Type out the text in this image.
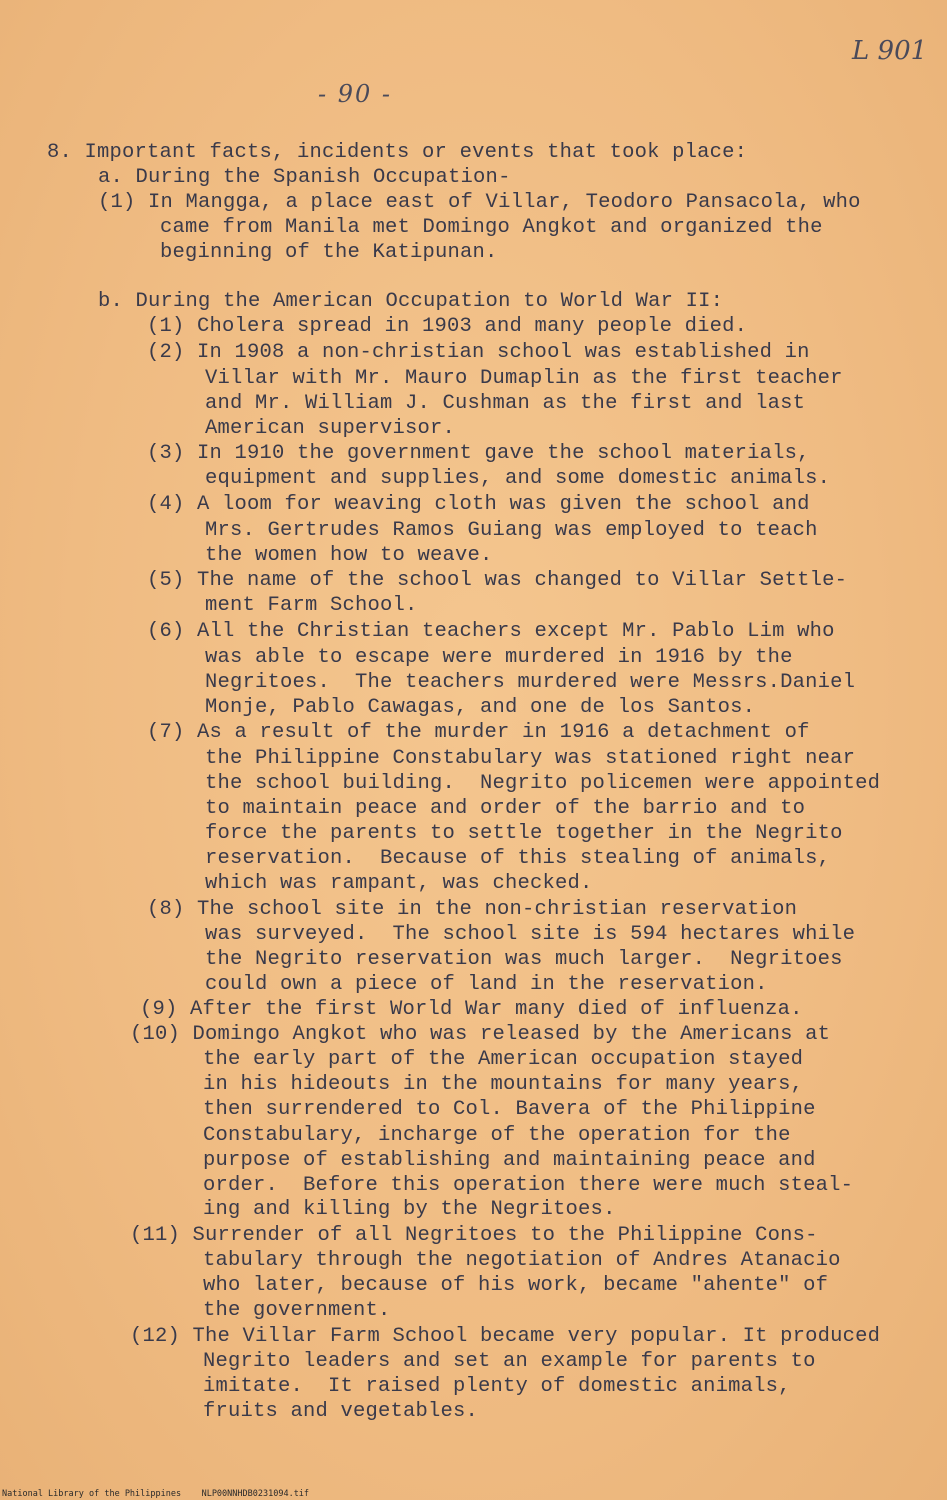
- 90 -
L 901
8. Important facts, incidents or events that took place:
a. During the Spanish Occupation-
(1) In Mangga, a place east of Villar, Teodoro Pansacola, who
came from Manila met Domingo Angkot and organized the
beginning of the Katipunan.
b. During the American Occupation to World War II:
(1) Cholera spread in 1903 and many people died.
(2) In 1908 a non-christian school was established in
Villar with Mr. Mauro Dumaplin as the first teacher
and Mr. William J. Cushman as the first and last
American supervisor.
(3) In 1910 the government gave the school materials,
equipment and supplies, and some domestic animals.
(4) A loom for weaving cloth was given the school and
Mrs. Gertrudes Ramos Guiang was employed to teach
the women how to weave.
(5) The name of the school was changed to Villar Settle-
ment Farm School.
(6) All the Christian teachers except Mr. Pablo Lim who
was able to escape were murdered in 1916 by the
Negritoes.  The teachers murdered were Messrs.Daniel
Monje, Pablo Cawagas, and one de los Santos.
(7) As a result of the murder in 1916 a detachment of
the Philippine Constabulary was stationed right near
the school building.  Negrito policemen were appointed
to maintain peace and order of the barrio and to
force the parents to settle together in the Negrito
reservation.  Because of this stealing of animals,
which was rampant, was checked.
(8) The school site in the non-christian reservation
was surveyed.  The school site is 594 hectares while
the Negrito reservation was much larger.  Negritoes
could own a piece of land in the reservation.
(9) After the first World War many died of influenza.
(10) Domingo Angkot who was released by the Americans at
the early part of the American occupation stayed
in his hideouts in the mountains for many years,
then surrendered to Col. Bavera of the Philippine
Constabulary, incharge of the operation for the
purpose of establishing and maintaining peace and
order.  Before this operation there were much steal-
ing and killing by the Negritoes.
(11) Surrender of all Negritoes to the Philippine Cons-
tabulary through the negotiation of Andres Atanacio
who later, because of his work, became "ahente" of
the government.
(12) The Villar Farm School became very popular. It produced
Negrito leaders and set an example for parents to
imitate.  It raised plenty of domestic animals,
fruits and vegetables.
National Library of the Philippines    NLP00NNHDB0231094.tif
